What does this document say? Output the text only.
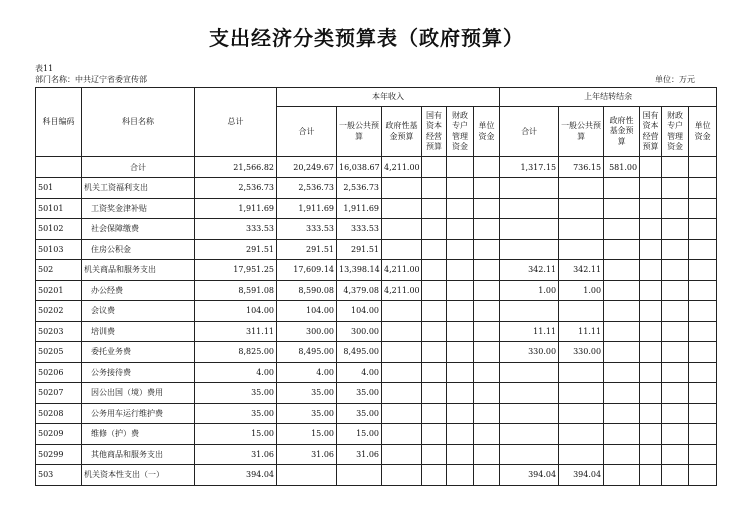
支出经济分类预算表（政府预算）
表11
部门名称：中共辽宁省委宣传部	单位：万元
科目编码	科目名称	总计	本年收入						上年结转结余					
			合计	一般公共预算	政府性基金预算	国有资本经营预算	财政专户管理资金	单位资金	合计	一般公共预算	政府性基金预算	国有资本经营预算	财政专户管理资金	单位资金
	合计	21,566.82	20,249.67	16,038.67	4,211.00				1,317.15	736.15	581.00			
501	机关工资福利支出	2,536.73	2,536.73	2,536.73										
50101	工资奖金津补贴	1,911.69	1,911.69	1,911.69										
50102	社会保障缴费	333.53	333.53	333.53										
50103	住房公积金	291.51	291.51	291.51										
502	机关商品和服务支出	17,951.25	17,609.14	13,398.14	4,211.00				342.11	342.11				
50201	办公经费	8,591.08	8,590.08	4,379.08	4,211.00				1.00	1.00				
50202	会议费	104.00	104.00	104.00										
50203	培训费	311.11	300.00	300.00					11.11	11.11				
50205	委托业务费	8,825.00	8,495.00	8,495.00					330.00	330.00				
50206	公务接待费	4.00	4.00	4.00										
50207	因公出国（境）费用	35.00	35.00	35.00										
50208	公务用车运行维护费	35.00	35.00	35.00										
50209	维修（护）费	15.00	15.00	15.00										
50299	其他商品和服务支出	31.06	31.06	31.06										
503	机关资本性支出（一）	394.04							394.04	394.04				
